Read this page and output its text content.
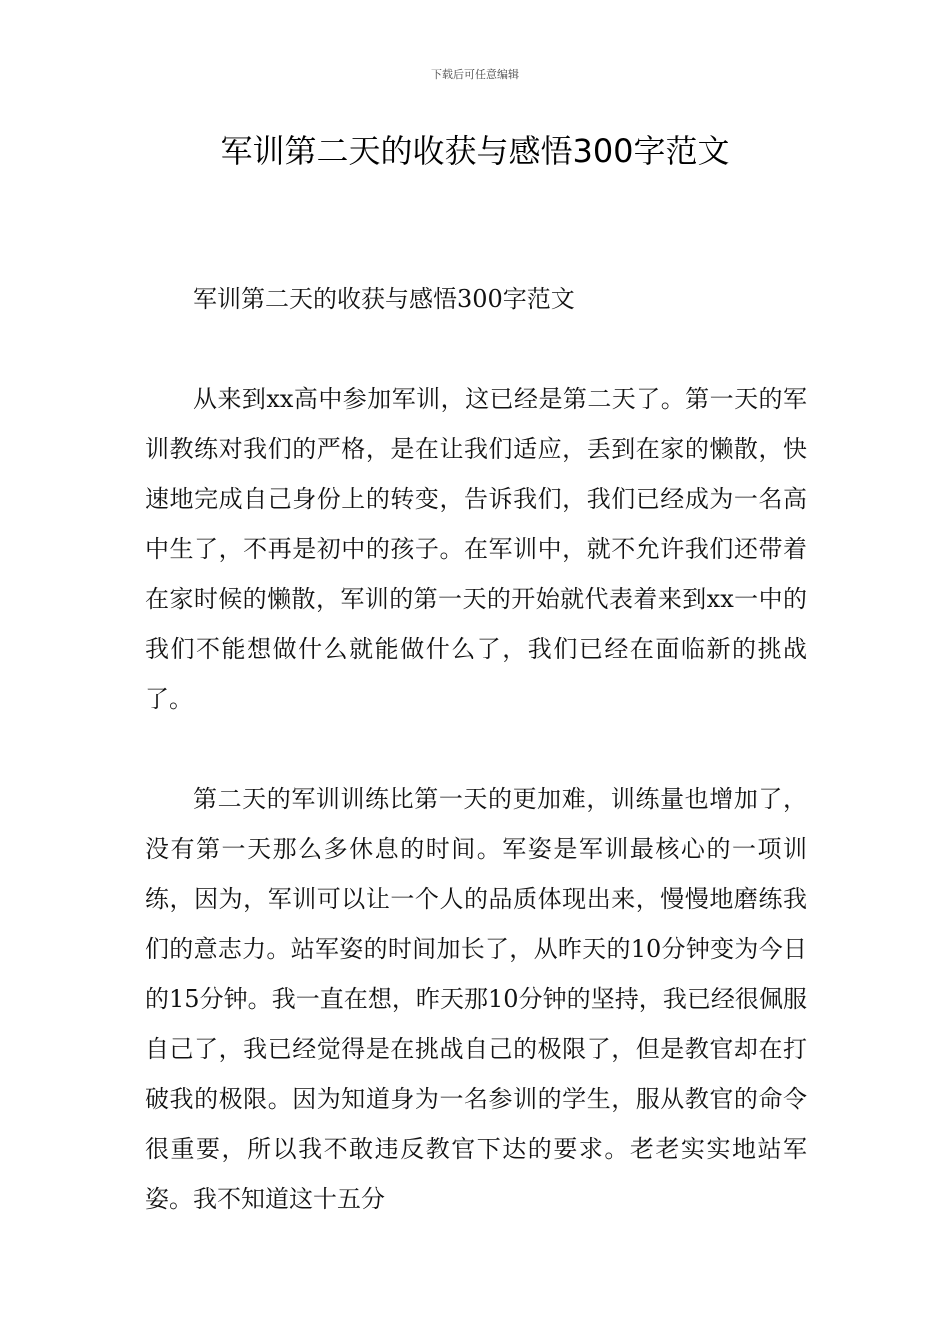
下载后可任意编辑
军训第二天的收获与感悟300字范文

军训第二天的收获与感悟300字范文

从来到xx高中参加军训，这已经是第二天了。第一天的军训教练对我们的严格，是在让我们适应，丢到在家的懒散，快速地完成自己身份上的转变，告诉我们，我们已经成为一名高中生了，不再是初中的孩子。在军训中，就不允许我们还带着在家时候的懒散，军训的第一天的开始就代表着来到xx一中的我们不能想做什么就能做什么了，我们已经在面临新的挑战了。

第二天的军训训练比第一天的更加难，训练量也增加了，没有第一天那么多休息的时间。军姿是军训最核心的一项训练，因为，军训可以让一个人的品质体现出来，慢慢地磨练我们的意志力。站军姿的时间加长了，从昨天的10分钟变为今日的15分钟。我一直在想，昨天那10分钟的坚持，我已经很佩服自己了，我已经觉得是在挑战自己的极限了，但是教官却在打破我的极限。因为知道身为一名参训的学生，服从教官的命令很重要，所以我不敢违反教官下达的要求。老老实实地站军姿。我不知道这十五分
